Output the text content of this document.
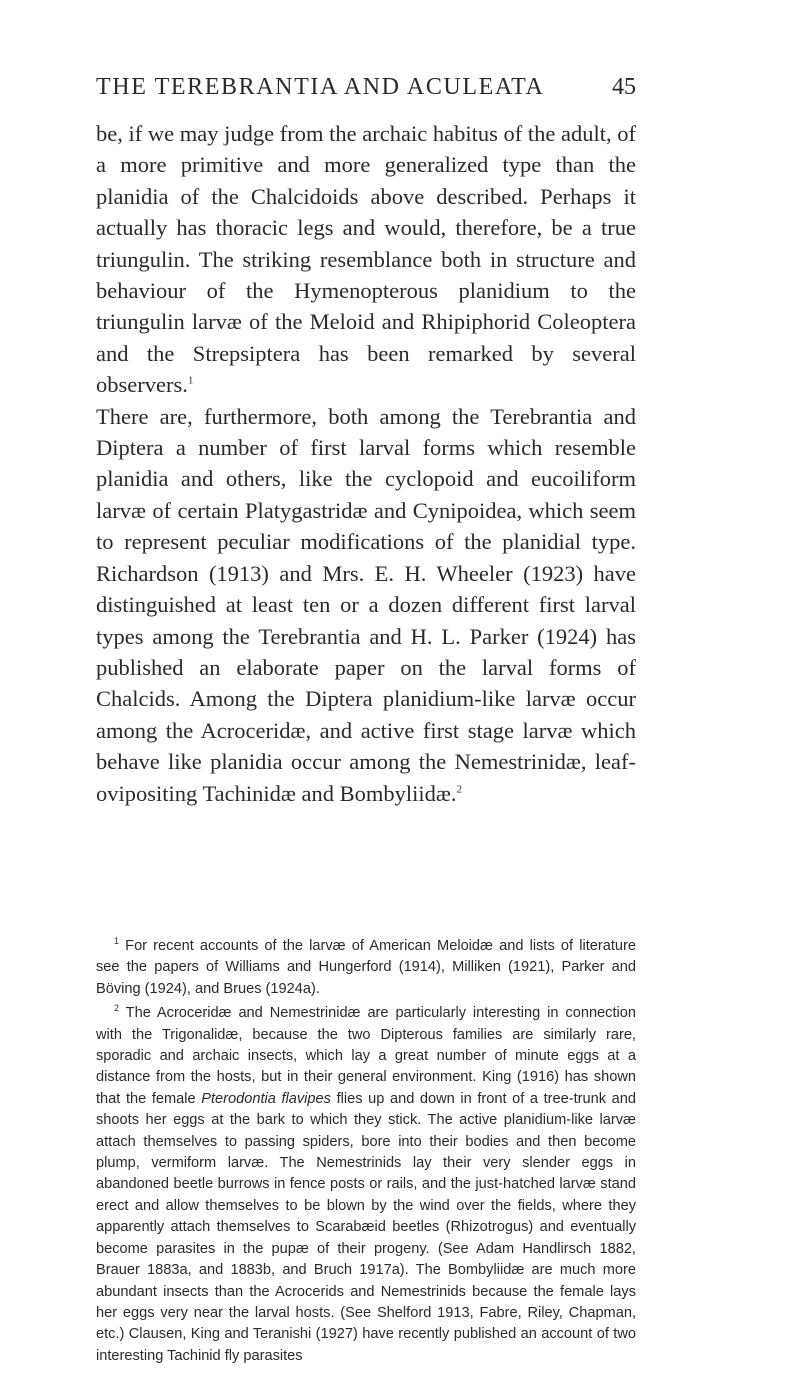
THE TEREBRANTIA AND ACULEATA	45

be, if we may judge from the archaic habitus of the adult, of a more primitive and more generalized type than the planidia of the Chalcidoids above described. Perhaps it actually has thoracic legs and would, therefore, be a true triungulin. The striking resemblance both in structure and behaviour of the Hymenopterous planidium to the triungulin larvæ of the Meloid and Rhipiphorid Coleoptera and the Strepsiptera has been remarked by several observers.$^1$

There are, furthermore, both among the Terebrantia and Diptera a number of first larval forms which resemble planidia and others, like the cyclopoid and eucoiliform larvæ of certain Platygastridæ and Cynipoidea, which seem to represent peculiar modifications of the planidial type. Richardson (1913) and Mrs. E. H. Wheeler (1923) have distinguished at least ten or a dozen different first larval types among the Terebrantia and H. L. Parker (1924) has published an elaborate paper on the larval forms of Chalcids. Among the Diptera planidium-like larvæ occur among the Acroceridæ, and active first stage larvæ which behave like planidia occur among the Nemestrinidæ, leaf-ovipositing Tachinidæ and Bombyliidæ.$^2$

$^1$ For recent accounts of the larvæ of American Meloidæ and lists of literature see the papers of Williams and Hungerford (1914), Milliken (1921), Parker and Böving (1924), and Brues (1924a).

$^2$ The Acroceridæ and Nemestrinidæ are particularly interesting in connection with the Trigonalidæ, because the two Dipterous families are similarly rare, sporadic and archaic insects, which lay a great number of minute eggs at a distance from the hosts, but in their general environment. King (1916) has shown that the female Pterodontia flavipes flies up and down in front of a tree-trunk and shoots her eggs at the bark to which they stick. The active planidium-like larvæ attach themselves to passing spiders, bore into their bodies and then become plump, vermiform larvæ. The Nemestrinids lay their very slender eggs in abandoned beetle burrows in fence posts or rails, and the just-hatched larvæ stand erect and allow themselves to be blown by the wind over the fields, where they apparently attach themselves to Scarabæid beetles (Rhizotrogus) and eventually become parasites in the pupæ of their progeny. (See Adam Handlirsch 1882, Brauer 1883a, and 1883b, and Bruch 1917a). The Bombyliidæ are much more abundant insects than the Acrocerids and Nemestrinids because the female lays her eggs very near the larval hosts. (See Shelford 1913, Fabre, Riley, Chapman, etc.) Clausen, King and Teranishi (1927) have recently published an account of two interesting Tachinid fly parasites
